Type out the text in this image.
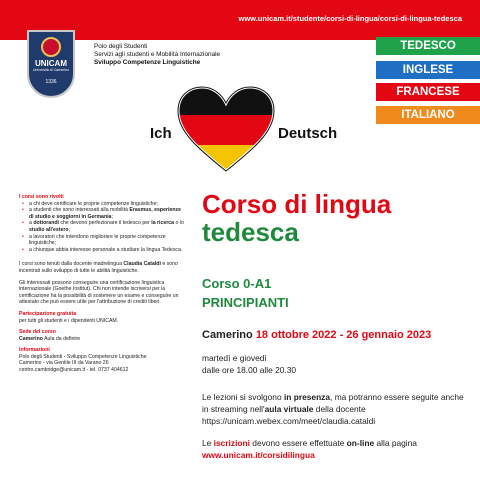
www.unicam.it/studente/corsi-di-lingua/corsi-di-lingua-tedesca
UNICAM
Università di Camerino
1336
Polo degli Studenti
Servizi agli studenti e Mobilità Internazionale
Sviluppo Competenze Linguistiche
TEDESCO
INGLESE
FRANCESE
ITALIANO
Ich liebe	Deutsch
I corsi sono rivolti
• a chi deve certificare le proprie competenze linguistiche;
• a studenti che sono interessati alla mobilità Erasmus, esperienze di studio e soggiorni in Germania;
• a dottorandi che devono perfezionare il tedesco per la ricerca o lo studio all'estero;
• a lavoratori che intendono migliorare le proprie competenze linguistiche;
• a chiunque abbia interesse personale a studiare la lingua Tedesca.

I corsi sono tenuti dalla docente madrelingua Claudia Cataldi e sono incentrati sullo sviluppo di tutte le abilità linguistiche.

Gli interessati possono conseguire una certificazione linguistica internazionale (Goethe Institut). Chi non intende iscriversi per la certificazione ha la possibilità di sostenere un esame e conseguire un attestato che può essere utile per l'attribuzione di crediti liberi.

Partecipazione gratuita

per tutti gli studenti e i dipendenti UNICAM.

Sede del corso

Camerino Aula da definire

Informazioni
Polo degli Studenti - Sviluppo Competenze Linguistiche
Camerino - via Gentile III da Varano 26
centro.cambridge@unicam.it - tel. 0737 404612
Corso di lingua
tedesca
Corso 0-A1
PRINCIPIANTI
Camerino 18 ottobre 2022 - 26 gennaio 2023
martedì e giovedì
dalle ore 18.00 alle 20.30
Le lezioni si svolgono in presenza, ma potranno essere seguite anche in streaming nell'aula virtuale della docente
https://unicam.webex.com/meet/claudia.cataldi
Le iscrizioni devono essere effettuate on-line alla pagina
www.unicam.it/corsidilingua
